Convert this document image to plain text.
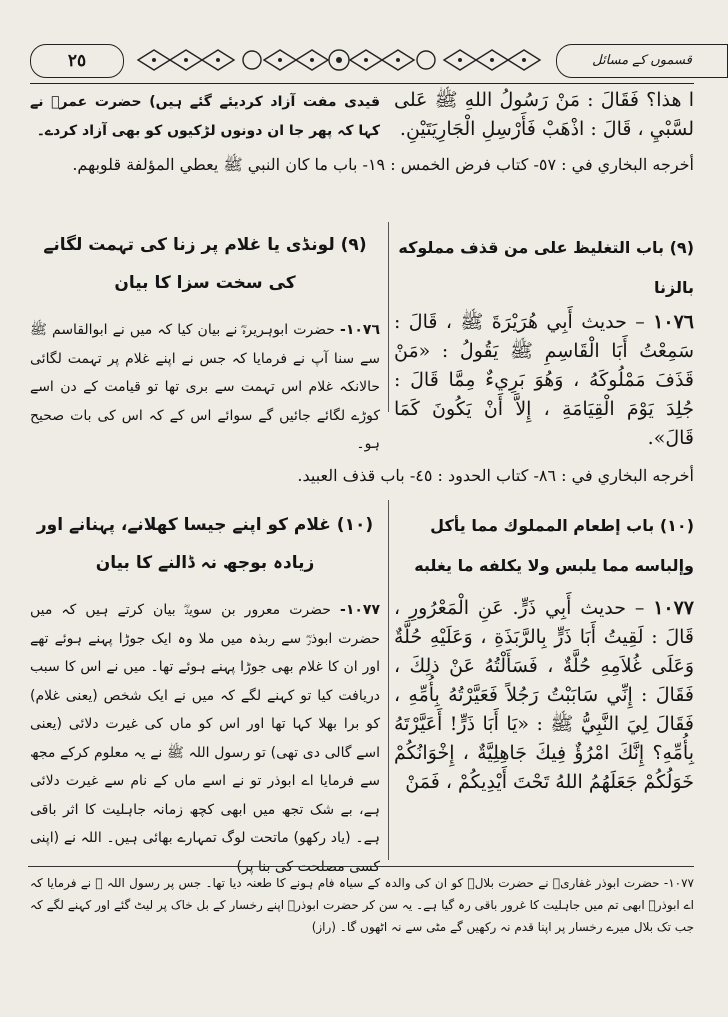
٢٥	قسموں کے مسائل
ا هذا؟ فَقَالَ : مَنْ رَسُولُ اللهِ ﷺ عَلى لسَّبْيِ ، قَالَ : اذْهَبْ فَأَرْسِلِ الْجَارِيَتَيْنِ.
قیدی مفت آزاد کردیئے گئے ہیں) حضرت عمرؓ نے کہا کہ پھر جا ان دونوں لڑکیوں کو بھی آزاد کردے۔
أخرجه البخاري في : ٥٧- كتاب فرض الخمس : ١٩- باب ما كان النبي ﷺ يعطي المؤلفة قلوبهم.
(٩) باب التغليظ على من قذف مملوكه بالزنا
(٩) لونڈی یا غلام پر زنا کی تہمت لگانے کی سخت سزا کا بیان
١٠٧٦ – حديث أَبِي هُرَيْرَةَ ﷺ ، قَالَ : سَمِعْتُ أَبَا الْقَاسِمِ ﷺ يَقُولُ : «مَنْ قَذَفَ مَمْلُوكَهُ ، وَهُوَ بَرِيءٌ مِمَّا قَالَ : جُلِدَ يَوْمَ الْقِيَامَةِ ، إِلاَّ أَنْ يَكُونَ كَمَا قَالَ».
١٠٧٦- حضرت ابوہریرہؓ نے بیان کیا کہ میں نے ابوالقاسم ﷺ سے سنا آپ نے فرمایا کہ جس نے اپنے غلام پر تہمت لگائی حالانکہ غلام اس تہمت سے بری تھا تو قیامت کے دن اسے کوڑے لگائے جائیں گے سوائے اس کے کہ اس کی بات صحیح ہو۔
أخرجه البخاري في : ٨٦- كتاب الحدود : ٤٥- باب قذف العبيد.
(١٠) باب إطعام المملوك مما يأكل وإلباسه مما يلبس ولا يكلفه ما يغلبه
(١٠) غلام کو اپنے جیسا کھلانے، پہنانے اور زیادہ بوجھ نہ ڈالنے کا بیان
١٠٧٧ – حديث أَبِي ذَرٍّ. عَنِ الْمَعْرُورِ ، قَالَ : لَقِيتُ أَبَا ذَرٍّ بِالرَّبَذَةِ ، وَعَلَيْهِ حُلَّةٌ وَعَلَى غُلاَمِهِ حُلَّةٌ ، فَسَأَلْتُهُ عَنْ ذلِكَ ، فَقَالَ : إِنِّي سَابَبْتُ رَجُلاً فَعَيَّرْتُهُ بِأُمِّهِ ، فَقَالَ لِيَ النَّبِيُّ ﷺ : «يَا أَبَا ذَرٍّ! أَعَيَّرْتَهُ بِأُمِّهِ؟ إِنَّكَ امْرُؤٌ فِيكَ جَاهِلِيَّةٌ ، إِخْوَانُكُمْ خَوَلُكُمْ جَعَلَهُمُ اللهُ تَحْتَ أَيْدِيكُمْ ، فَمَنْ
١٠٧٧- حضرت معرور بن سویدؓ بیان کرتے ہیں کہ میں حضرت ابوذرؓ سے ربذہ میں ملا وہ ایک جوڑا پہنے ہوئے تھے اور ان کا غلام بھی جوڑا پہنے ہوئے تھا۔ میں نے اس کا سبب دریافت کیا تو کہنے لگے کہ میں نے ایک شخص (یعنی غلام) کو برا بھلا کہا تھا اور اس کو ماں کی غیرت دلائی (یعنی اسے گالی دی تھی) تو رسول اللہ ﷺ نے یہ معلوم کرکے مجھ سے فرمایا اے ابوذر تو نے اسے ماں کے نام سے غیرت دلائی ہے، بے شک تجھ میں ابھی کچھ زمانہ جاہلیت کا اثر باقی ہے۔ (یاد رکھو) ماتحت لوگ تمہارے بھائی ہیں۔ اللہ نے (اپنی کسی مصلحت کی بنا پر)
١٠٧٧- حضرت ابوذر غفاریؓ نے حضرت بلالؓ کو ان کی والدہ کے سیاہ فام ہونے کا طعنہ دیا تھا۔ جس پر رسول اللہ ﷺ نے فرمایا کہ اے ابوذرؓ ابھی تم میں جاہلیت کا غرور باقی رہ گیا ہے۔ یہ سن کر حضرت ابوذرؓ اپنے رخسار کے بل خاک پر لیٹ گئے اور کہنے لگے کہ جب تک بلال میرے رخسار پر اپنا قدم نہ رکھیں گے مٹی سے نہ اٹھوں گا۔ (راز)
